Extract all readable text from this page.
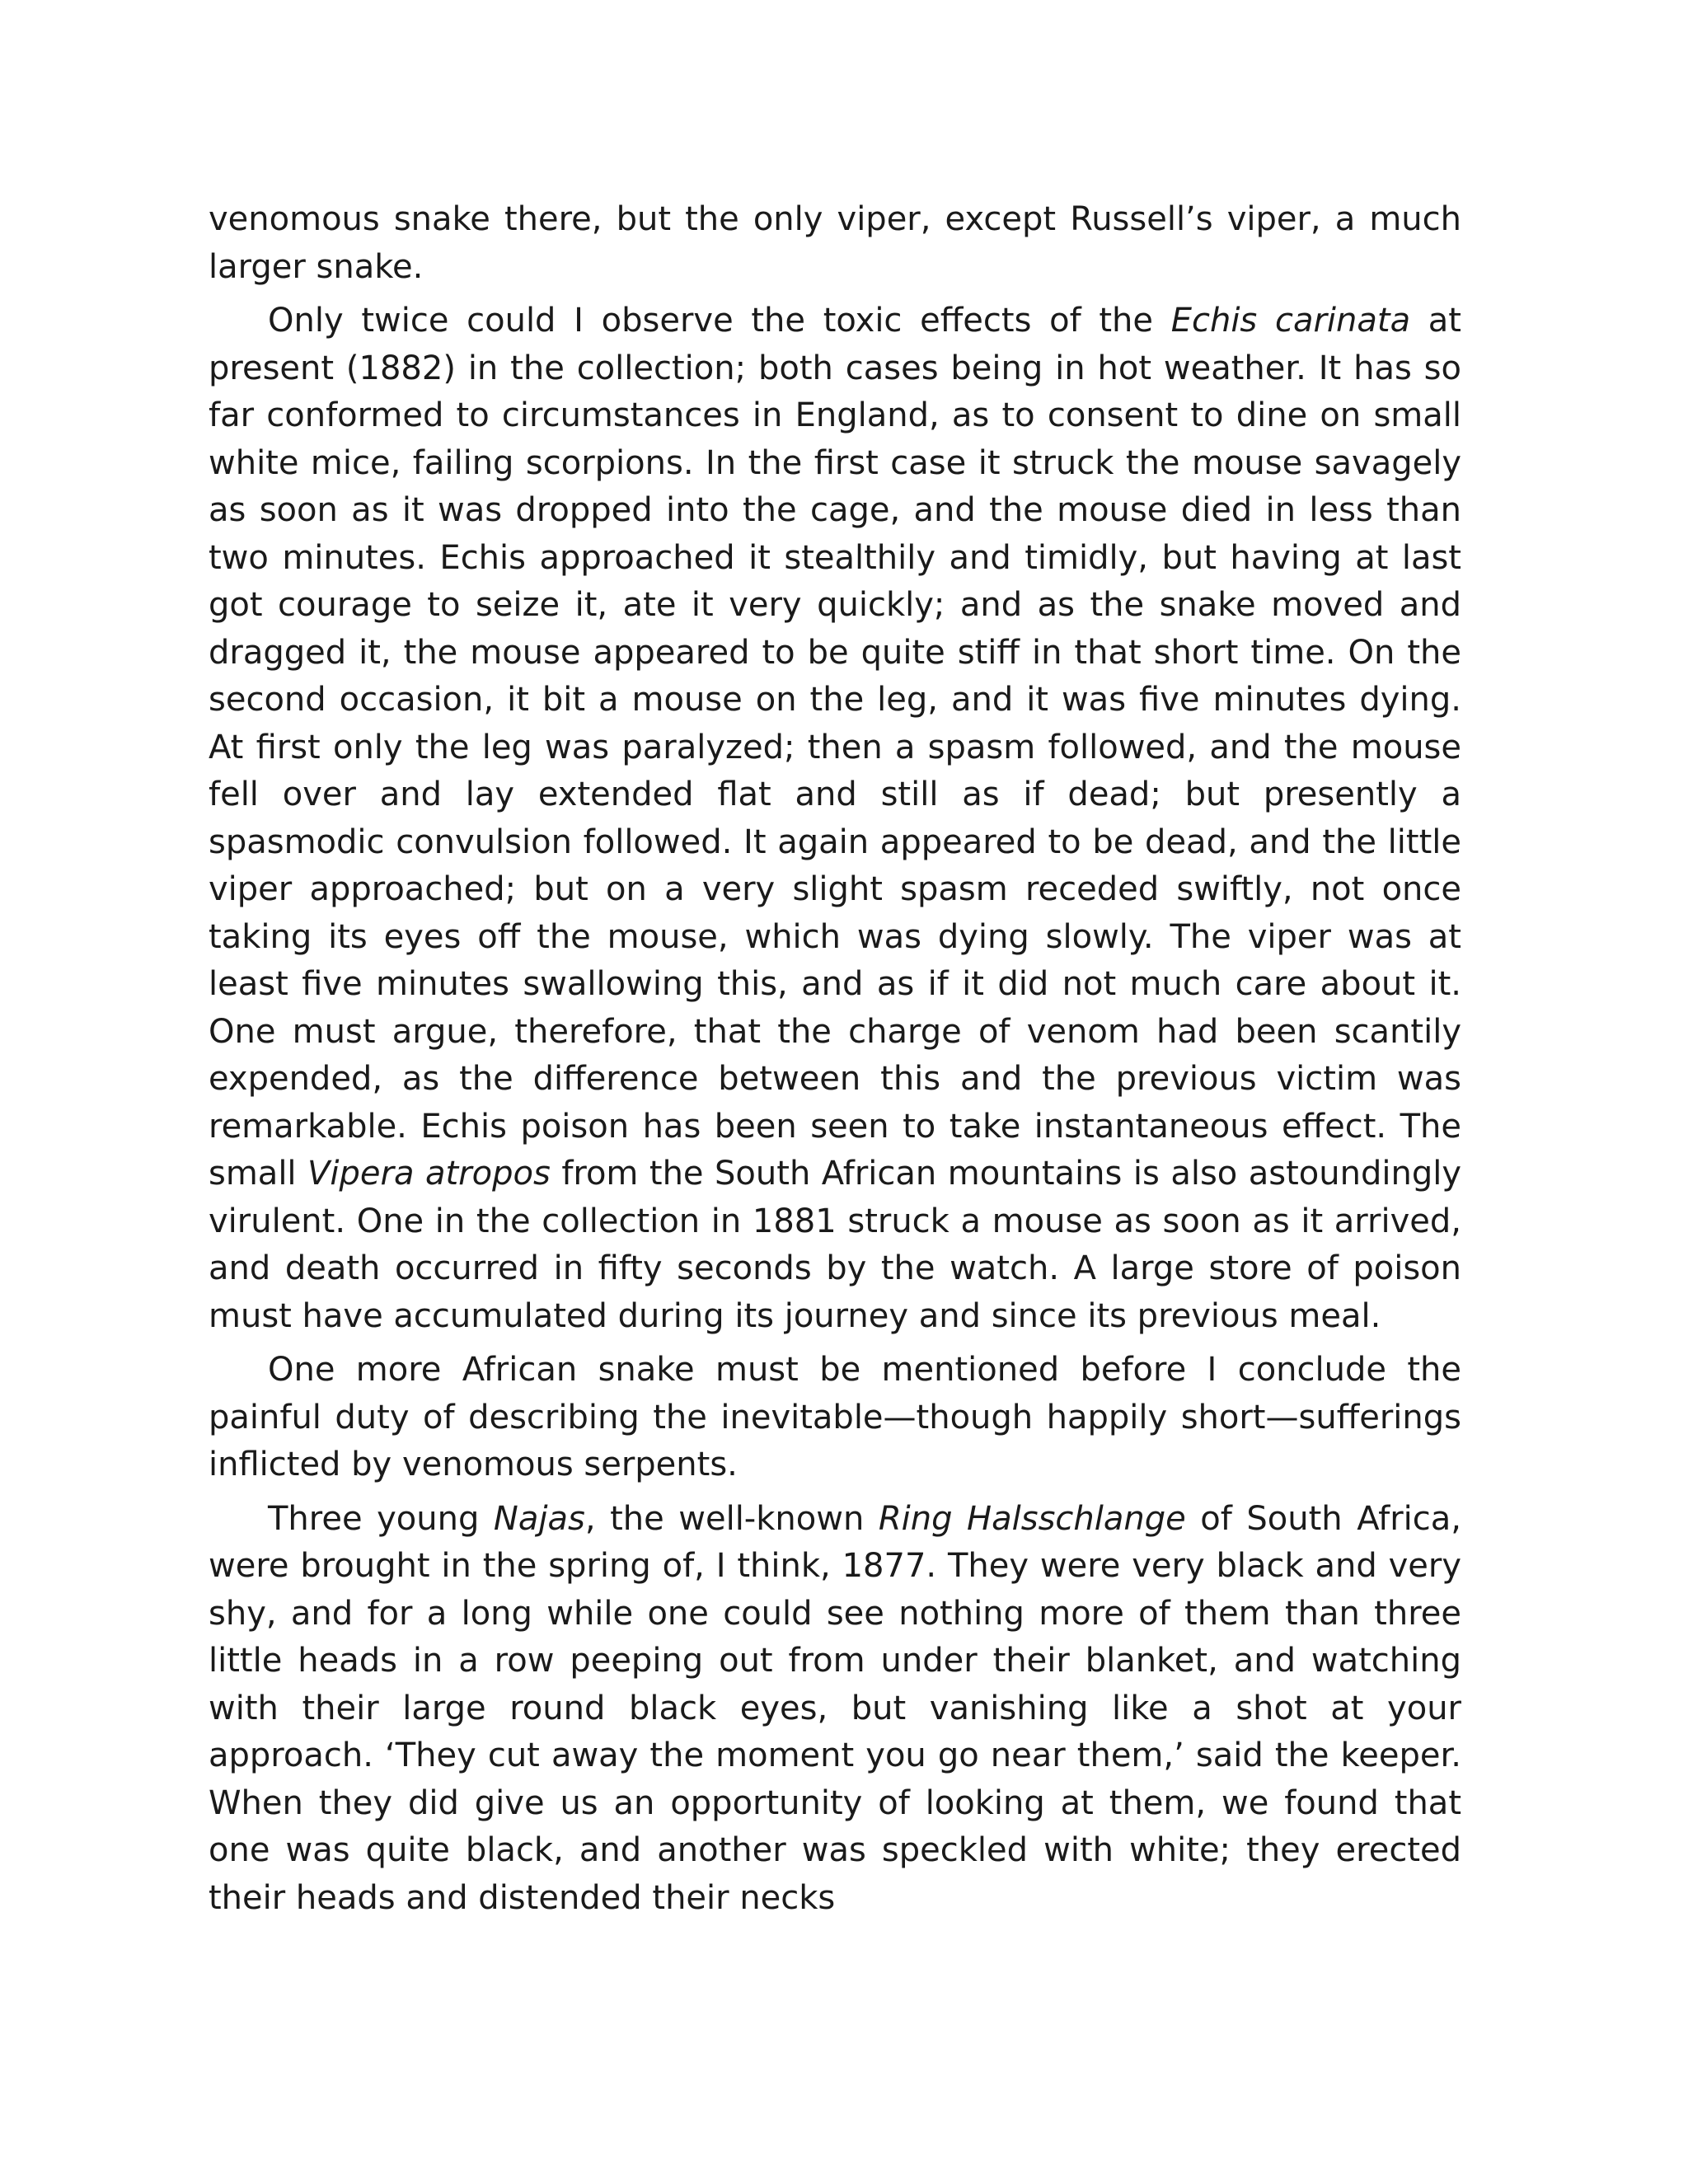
venomous snake there, but the only viper, except Russell’s viper, a much larger snake.

Only twice could I observe the toxic effects of the Echis carinata at present (1882) in the collection; both cases being in hot weather. It has so far conformed to circumstances in England, as to consent to dine on small white mice, failing scorpions. In the first case it struck the mouse savagely as soon as it was dropped into the cage, and the mouse died in less than two minutes. Echis approached it stealthily and timidly, but having at last got courage to seize it, ate it very quickly; and as the snake moved and dragged it, the mouse appeared to be quite stiff in that short time. On the second occasion, it bit a mouse on the leg, and it was five minutes dying. At first only the leg was paralyzed; then a spasm followed, and the mouse fell over and lay extended flat and still as if dead; but presently a spasmodic convulsion followed. It again appeared to be dead, and the little viper approached; but on a very slight spasm receded swiftly, not once taking its eyes off the mouse, which was dying slowly. The viper was at least five minutes swallowing this, and as if it did not much care about it. One must argue, therefore, that the charge of venom had been scantily expended, as the difference between this and the previous victim was remarkable. Echis poison has been seen to take instantaneous effect. The small Vipera atropos from the South African mountains is also astoundingly virulent. One in the collection in 1881 struck a mouse as soon as it arrived, and death occurred in fifty seconds by the watch. A large store of poison must have accumulated during its journey and since its previous meal.

One more African snake must be mentioned before I conclude the painful duty of describing the inevitable—though happily short—sufferings inflicted by venomous serpents.

Three young Najas, the well-known Ring Halsschlange of South Africa, were brought in the spring of, I think, 1877. They were very black and very shy, and for a long while one could see nothing more of them than three little heads in a row peeping out from under their blanket, and watching with their large round black eyes, but vanishing like a shot at your approach. ‘They cut away the moment you go near them,’ said the keeper. When they did give us an opportunity of looking at them, we found that one was quite black, and another was speckled with white; they erected their heads and distended their necks
